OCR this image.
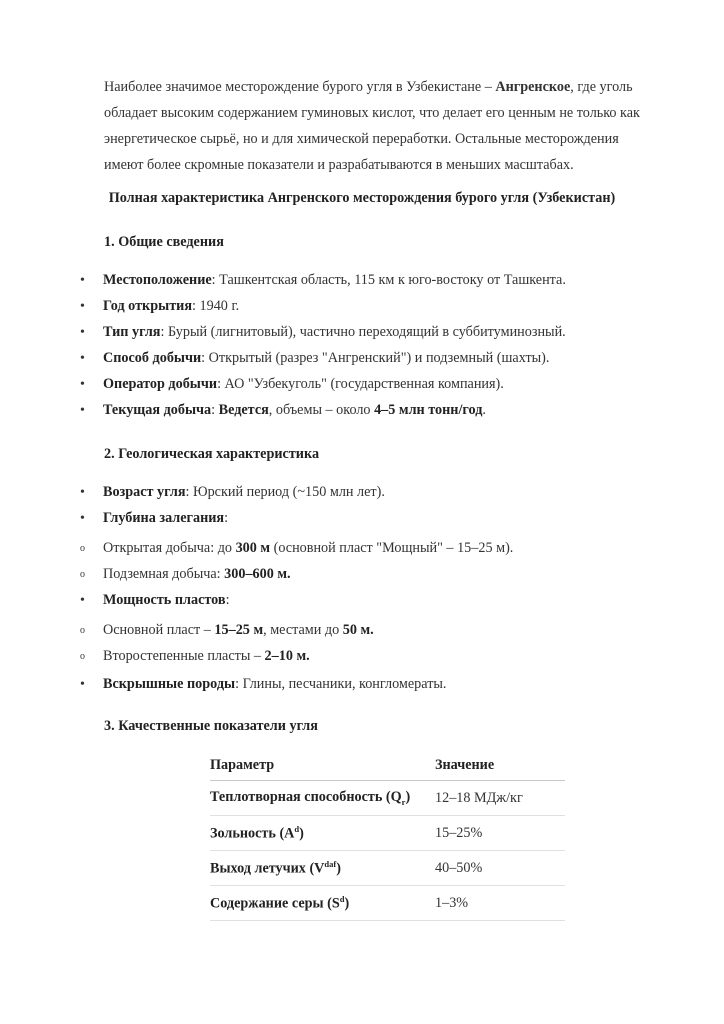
Наиболее значимое месторождение бурого угля в Узбекистане – Ангренское, где уголь

обладает высоким содержанием гуминовых кислот, что делает его ценным не только как

энергетическое сырьё, но и для химической переработки. Остальные месторождения

имеют более скромные показатели и разрабатываются в меньших масштабах.

Полная характеристика Ангренского месторождения бурого угля (Узбекистан)
1. Общие сведения
• Местоположение: Ташкентская область, 115 км к юго-востоку от Ташкента.
• Год открытия: 1940 г.
• Тип угля: Бурый (лигнитовый), частично переходящий в суббитуминозный.
• Способ добычи: Открытый (разрез "Ангренский") и подземный (шахты).
• Оператор добычи: АО "Узбекуголь" (государственная компания).
• Текущая добыча: Ведется, объемы – около 4–5 млн тонн/год.
2. Геологическая характеристика
• Возраст угля: Юрский период (~150 млн лет).
• Глубина залегания:
o Открытая добыча: до 300 м (основной пласт "Мощный" – 15–25 м).
o Подземная добыча: 300–600 м.
• Мощность пластов:
o Основной пласт – 15–25 м, местами до 50 м.
o Второстепенные пласты – 2–10 м.
• Вскрышные породы: Глины, песчаники, конгломераты.
3. Качественные показатели угля
Параметр	Значение
Теплотворная способность $(Q_r)$	12–18 МДж/кг
Зольность $(A^d)$	15–25%
Выход летучих $(V^{daf})$	40–50%
Содержание серы $(S^d)$	1–3%
